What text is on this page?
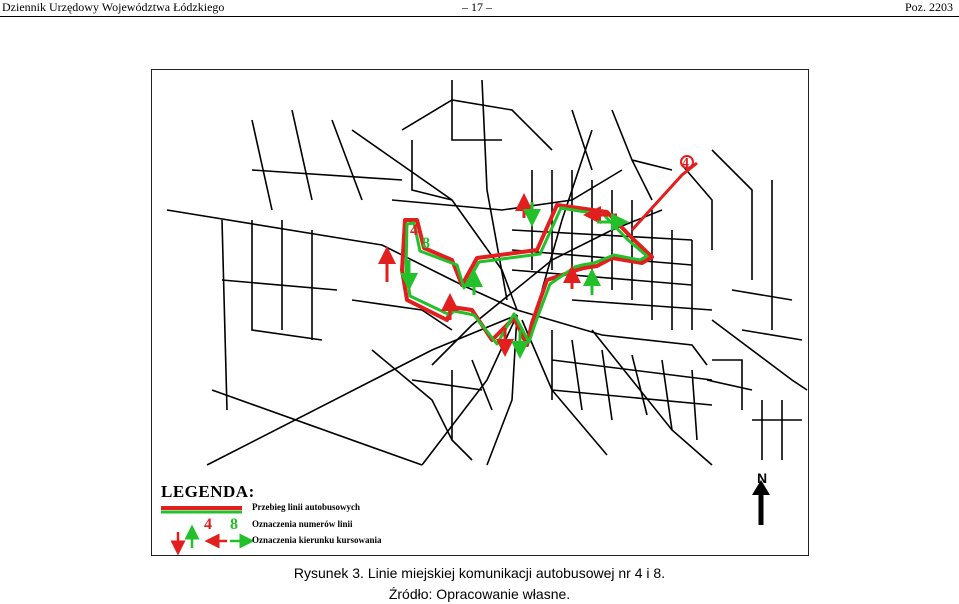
Dziennik Urzędowy Województwa Łódzkiego	– 17 –	Poz. 2203
4
8
4
4 8
LEGENDA:
Przebieg linii autobusowych
Oznaczenia numerów linii
Oznaczenia kierunku kursowania
N
Rysunek 3. Linie miejskiej komunikacji autobusowej nr 4 i 8.
Źródło: Opracowanie własne.
